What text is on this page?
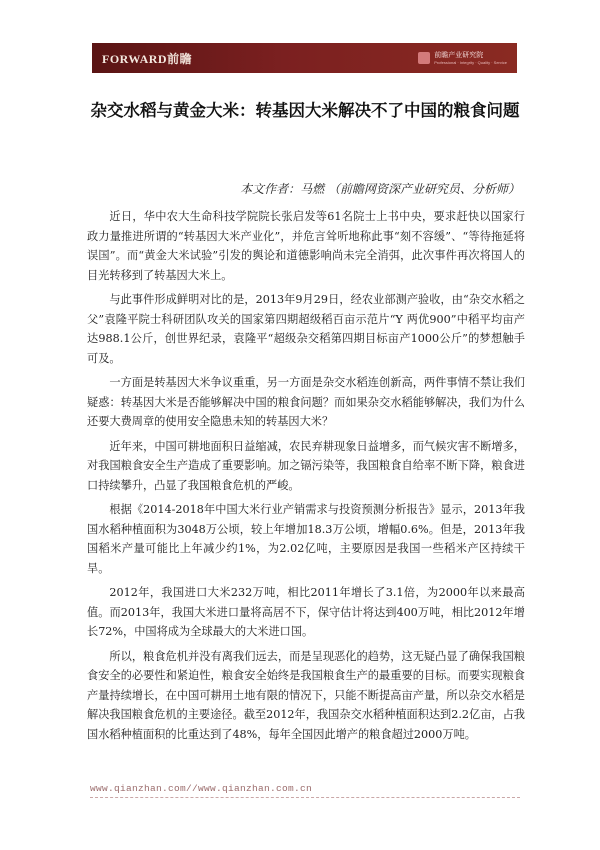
FORWARD前瞻	前瞻产业研究院
Professional · Integrity · Quality · Service
杂交水稻与黄金大米：转基因大米解决不了中国的粮食问题
本文作者：马燃 （前瞻网资深产业研究员、分析师）

近日，华中农大生命科技学院院长张启发等61名院士上书中央，要求赶快以国家行政力量推进所谓的“转基因大米产业化”，并危言耸听地称此事“刻不容缓”、“等待拖延将误国”。而“黄金大米试验”引发的舆论和道德影响尚未完全消弭，此次事件再次将国人的目光转移到了转基因大米上。

与此事件形成鲜明对比的是，2013年9月29日，经农业部测产验收，由“杂交水稻之父”袁隆平院士科研团队攻关的国家第四期超级稻百亩示范片“Y 两优900”中稻平均亩产达988.1公斤，创世界纪录，袁隆平“超级杂交稻第四期目标亩产1000公斤”的梦想触手可及。

一方面是转基因大米争议重重，另一方面是杂交水稻连创新高，两件事情不禁让我们疑惑：转基因大米是否能够解决中国的粮食问题？而如果杂交水稻能够解决，我们为什么还要大费周章的使用安全隐患未知的转基因大米？

近年来，中国可耕地面积日益缩减，农民弃耕现象日益增多，而气候灾害不断增多，对我国粮食安全生产造成了重要影响。加之镉污染等，我国粮食自给率不断下降，粮食进口持续攀升，凸显了我国粮食危机的严峻。

根据《2014-2018年中国大米行业产销需求与投资预测分析报告》显示，2013年我国水稻种植面积为3048万公顷，较上年增加18.3万公顷，增幅0.6%。但是，2013年我国稻米产量可能比上年减少约1%，为2.02亿吨，主要原因是我国一些稻米产区持续干旱。

2012年，我国进口大米232万吨，相比2011年增长了3.1倍，为2000年以来最高值。而2013年，我国大米进口量将高居不下，保守估计将达到400万吨，相比2012年增长72%，中国将成为全球最大的大米进口国。

所以，粮食危机并没有离我们远去，而是呈现恶化的趋势，这无疑凸显了确保我国粮食安全的必要性和紧迫性，粮食安全始终是我国粮食生产的最重要的目标。而要实现粮食产量持续增长，在中国可耕用土地有限的情况下，只能不断提高亩产量，所以杂交水稻是解决我国粮食危机的主要途径。截至2012年，我国杂交水稻种植面积达到2.2亿亩，占我国水稻种植面积的比重达到了48%，每年全国因此增产的粮食超过2000万吨。

www.qianzhan.com//www.qianzhan.com.cn
